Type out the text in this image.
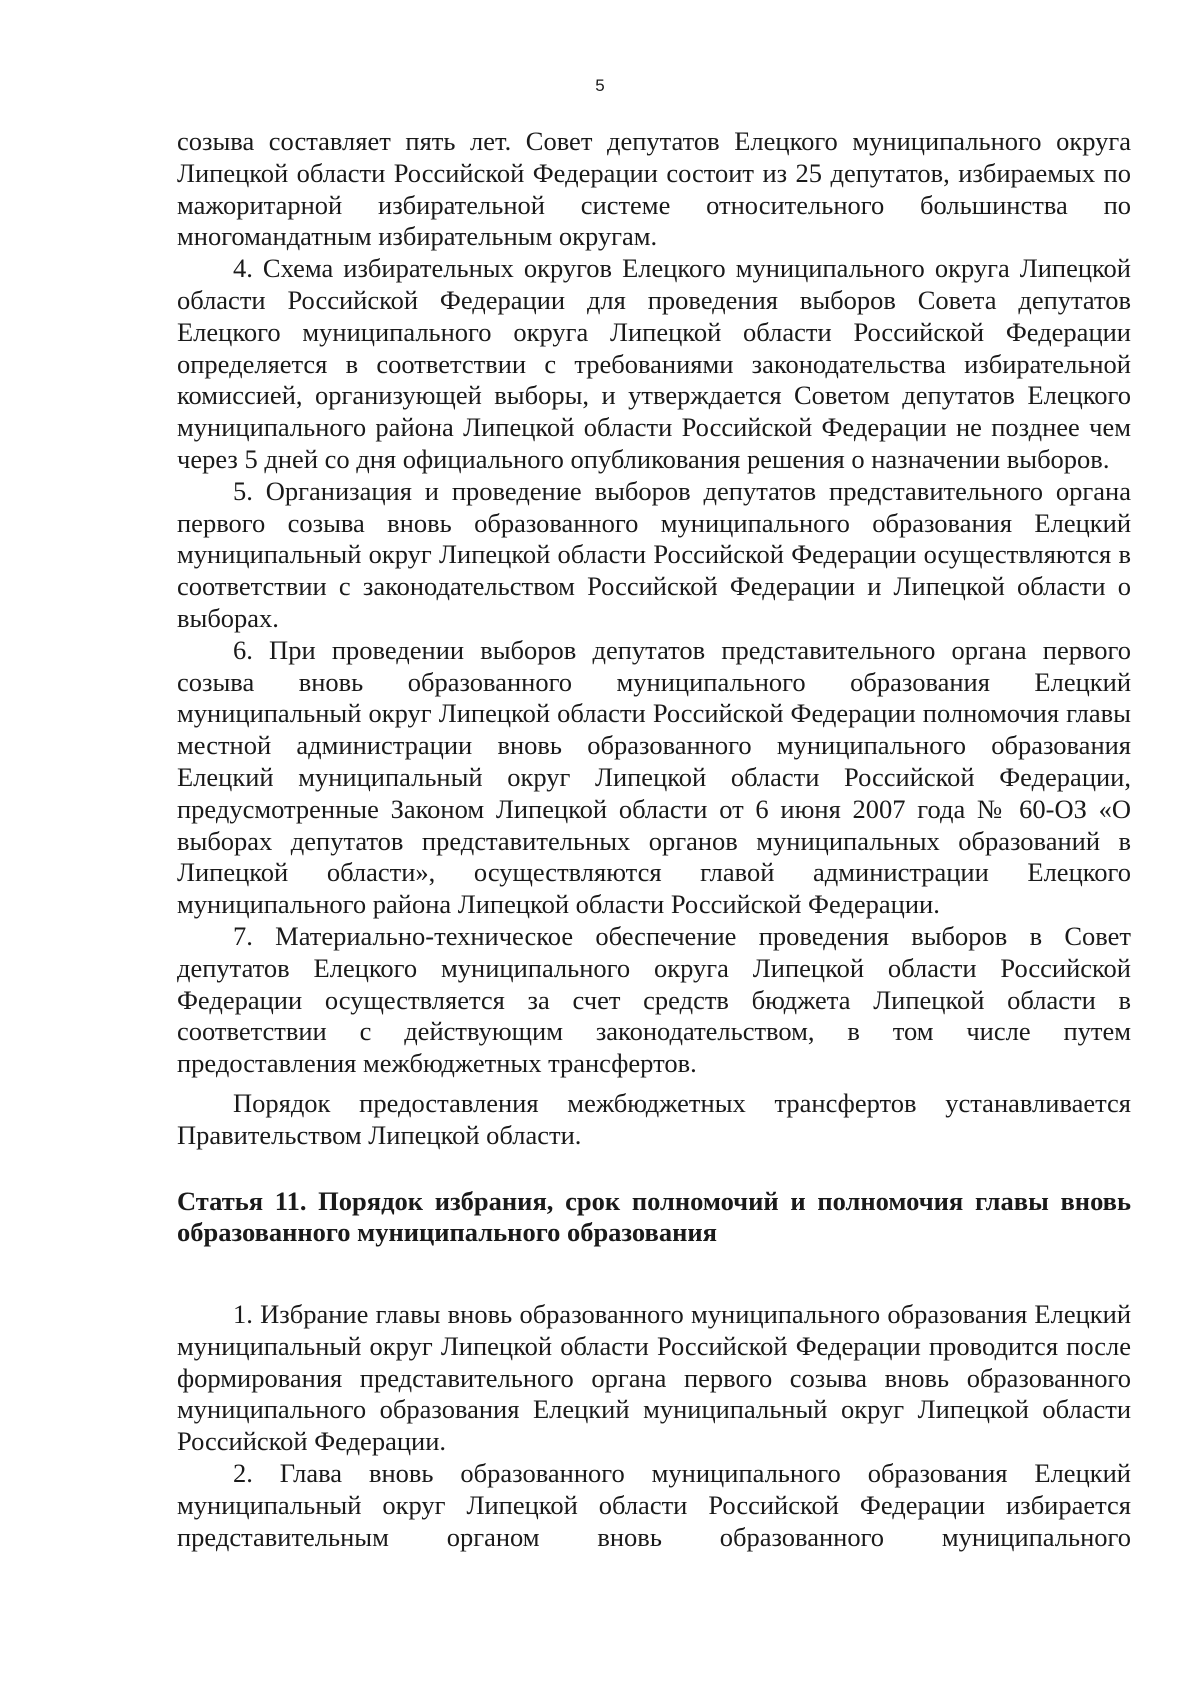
5

созыва составляет пять лет. Совет депутатов Елецкого муниципального округа Липецкой области Российской Федерации состоит из 25 депутатов, избираемых по мажоритарной избирательной системе относительного большинства по многомандатным избирательным округам.

4. Схема избирательных округов Елецкого муниципального округа Липецкой области Российской Федерации для проведения выборов Совета депутатов Елецкого муниципального округа Липецкой области Российской Федерации определяется в соответствии с требованиями законодательства избирательной комиссией, организующей выборы, и утверждается Советом депутатов Елецкого муниципального района Липецкой области Российской Федерации не позднее чем через 5 дней со дня официального опубликования решения о назначении выборов.

5. Организация и проведение выборов депутатов представительного органа первого созыва вновь образованного муниципального образования Елецкий муниципальный округ Липецкой области Российской Федерации осуществляются в соответствии с законодательством Российской Федерации и Липецкой области о выборах.

6. При проведении выборов депутатов представительного органа первого созыва вновь образованного муниципального образования Елецкий муниципальный округ Липецкой области Российской Федерации полномочия главы местной администрации вновь образованного муниципального образования Елецкий муниципальный округ Липецкой области Российской Федерации, предусмотренные Законом Липецкой области от 6 июня 2007 года № 60-ОЗ «О выборах депутатов представительных органов муниципальных образований в Липецкой области», осуществляются главой администрации Елецкого муниципального района Липецкой области Российской Федерации.

7. Материально-техническое обеспечение проведения выборов в Совет депутатов Елецкого муниципального округа Липецкой области Российской Федерации осуществляется за счет средств бюджета Липецкой области в соответствии с действующим законодательством, в том числе путем предоставления межбюджетных трансфертов.

Порядок предоставления межбюджетных трансфертов устанавливается Правительством Липецкой области.

Статья 11. Порядок избрания, срок полномочий и полномочия главы вновь образованного муниципального образования

1. Избрание главы вновь образованного муниципального образования Елецкий муниципальный округ Липецкой области Российской Федерации проводится после формирования представительного органа первого созыва вновь образованного муниципального образования Елецкий муниципальный округ Липецкой области Российской Федерации.

2. Глава вновь образованного муниципального образования Елецкий муниципальный округ Липецкой области Российской Федерации избирается представительным органом вновь образованного муниципального
